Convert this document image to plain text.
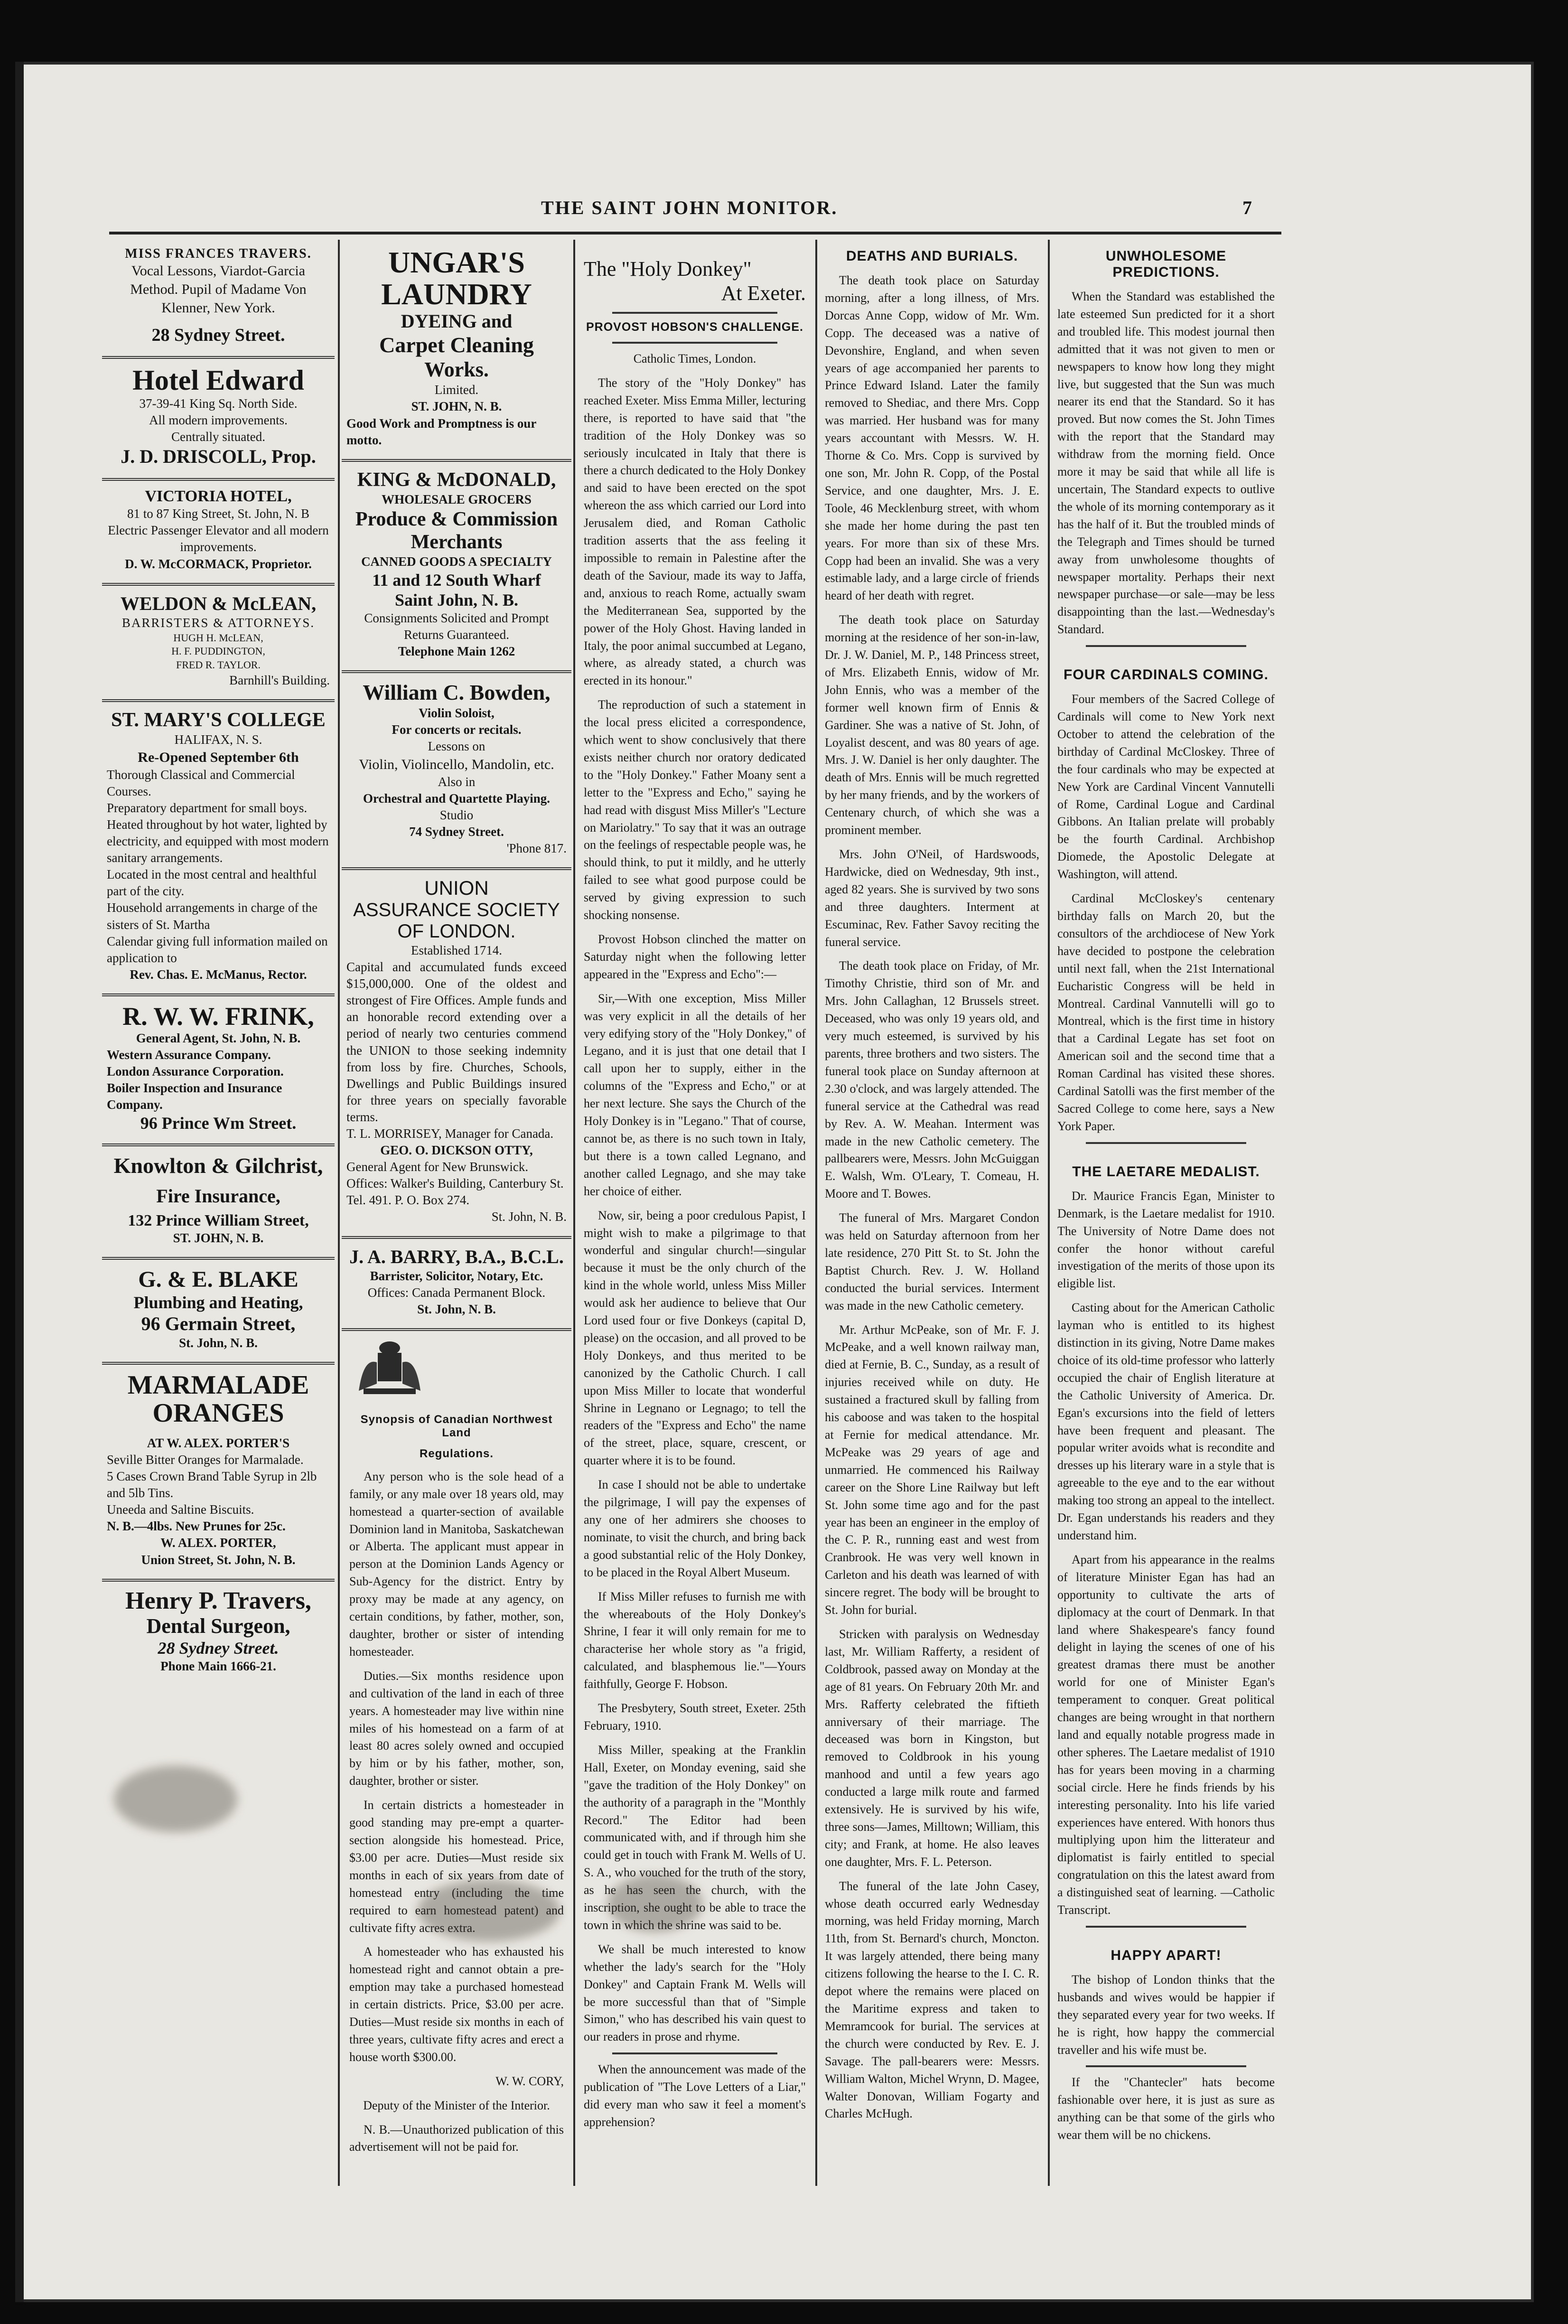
THE SAINT JOHN MONITOR.	7
MISS FRANCES TRAVERS.
Vocal Lessons, Viardot-Garcia Method. Pupil of Madame Von Klenner, New York.
28 Sydney Street.
Hotel Edward
37-39-41 King Sq. North Side.
All modern improvements.
Centrally situated.
J. D. DRISCOLL, Prop.
VICTORIA HOTEL,
81 to 87 King Street, St. John, N. B
Electric Passenger Elevator and all modern improvements.
D. W. McCORMACK, Proprietor.
WELDON & McLEAN,
BARRISTERS & ATTORNEYS.
HUGH H. McLEAN,
H. F. PUDDINGTON,
FRED R. TAYLOR.
Barnhill's Building.
ST. MARY'S COLLEGE
HALIFAX, N. S.
Re-Opened September 6th
Thorough Classical and Commercial Courses.
Preparatory department for small boys. Heated throughout by hot water, lighted by electricity, and equipped with most modern sanitary arrangements.
Located in the most central and healthful part of the city.
Household arrangements in charge of the sisters of St. Martha
Calendar giving full information mailed on application to
Rev. Chas. E. McManus, Rector.
R. W. W. FRINK,
General Agent, St. John, N. B.
Western Assurance Company.
London Assurance Corporation.
Boiler Inspection and Insurance Company.
96 Prince Wm Street.
Knowlton & Gilchrist,
Fire Insurance,
132 Prince William Street,
ST. JOHN, N. B.
G. & E. BLAKE
Plumbing and Heating,
96 Germain Street,
St. John, N. B.
MARMALADE ORANGES
AT W. ALEX. PORTER'S
Seville Bitter Oranges for Marmalade.
5 Cases Crown Brand Table Syrup in 2lb and 5lb Tins.
Uneeda and Saltine Biscuits.
N. B.—4lbs. New Prunes for 25c.
W. ALEX. PORTER,
Union Street, St. John, N. B.
Henry P. Travers,
Dental Surgeon,
28 Sydney Street.
Phone Main 1666-21.
UNGAR'S
LAUNDRY
DYEING and
Carpet Cleaning
Works.
Limited.
ST. JOHN, N. B.
Good Work and Promptness is our motto.
KING & McDONALD,
WHOLESALE GROCERS
Produce & Commission
Merchants
CANNED GOODS A SPECIALTY
11 and 12 South Wharf
Saint John, N. B.
Consignments Solicited and Prompt Returns Guaranteed.
Telephone Main 1262
William C. Bowden,
Violin Soloist,
For concerts or recitals.
Lessons on
Violin, Violincello, Mandolin, etc.
Also in
Orchestral and Quartette Playing.
Studio
74 Sydney Street.
'Phone 817.
UNION
ASSURANCE SOCIETY
OF LONDON.
Established 1714.
Capital and accumulated funds exceed $15,000,000. One of the oldest and strongest of Fire Offices. Ample funds and an honorable record extending over a period of nearly two centuries commend the UNION to those seeking indemnity from loss by fire. Churches, Schools, Dwellings and Public Buildings insured for three years on specially favorable terms.
T. L. MORRISEY, Manager for Canada.
GEO. O. DICKSON OTTY,
General Agent for New Brunswick. Offices: Walker's Building, Canterbury St. Tel. 491. P. O. Box 274.
St. John, N. B.
J. A. BARRY, B.A., B.C.L.
Barrister, Solicitor, Notary, Etc.
Offices: Canada Permanent Block.
St. John, N. B.
Synopsis of Canadian Northwest Land
Regulations.

Any person who is the sole head of a family, or any male over 18 years old, may homestead a quarter-section of available Dominion land in Manitoba, Saskatchewan or Alberta. The applicant must appear in person at the Dominion Lands Agency or Sub-Agency for the district. Entry by proxy may be made at any agency, on certain conditions, by father, mother, son, daughter, brother or sister of intending homesteader.

Duties.—Six months residence upon and cultivation of the land in each of three years. A homesteader may live within nine miles of his homestead on a farm of at least 80 acres solely owned and occupied by him or by his father, mother, son, daughter, brother or sister.

In certain districts a homesteader in good standing may pre-empt a quarter-section alongside his homestead. Price, $3.00 per acre. Duties—Must reside six months in each of six years from date of homestead entry (including the time required to earn homestead patent) and cultivate fifty acres extra.

A homesteader who has exhausted his homestead right and cannot obtain a pre-emption may take a purchased homestead in certain districts. Price, $3.00 per acre. Duties—Must reside six months in each of three years, cultivate fifty acres and erect a house worth $300.00.

W. W. CORY,

Deputy of the Minister of the Interior.

N. B.—Unauthorized publication of this advertisement will not be paid for.

The "Holy Donkey"
At Exeter.
PROVOST HOBSON'S CHALLENGE.

Catholic Times, London.

The story of the "Holy Donkey" has reached Exeter. Miss Emma Miller, lecturing there, is reported to have said that "the tradition of the Holy Donkey was so seriously inculcated in Italy that there is there a church dedicated to the Holy Donkey and said to have been erected on the spot whereon the ass which carried our Lord into Jerusalem died, and Roman Catholic tradition asserts that the ass feeling it impossible to remain in Palestine after the death of the Saviour, made its way to Jaffa, and, anxious to reach Rome, actually swam the Mediterranean Sea, supported by the power of the Holy Ghost. Having landed in Italy, the poor animal succumbed at Legano, where, as already stated, a church was erected in its honour."

The reproduction of such a statement in the local press elicited a correspondence, which went to show conclusively that there exists neither church nor oratory dedicated to the "Holy Donkey." Father Moany sent a letter to the "Express and Echo," saying he had read with disgust Miss Miller's "Lecture on Mariolatry." To say that it was an outrage on the feelings of respectable people was, he should think, to put it mildly, and he utterly failed to see what good purpose could be served by giving expression to such shocking nonsense.

Provost Hobson clinched the matter on Saturday night when the following letter appeared in the "Express and Echo":—

Sir,—With one exception, Miss Miller was very explicit in all the details of her very edifying story of the "Holy Donkey," of Legano, and it is just that one detail that I call upon her to supply, either in the columns of the "Express and Echo," or at her next lecture. She says the Church of the Holy Donkey is in "Legano." That of course, cannot be, as there is no such town in Italy, but there is a town called Legnano, and another called Legnago, and she may take her choice of either.

Now, sir, being a poor credulous Papist, I might wish to make a pilgrimage to that wonderful and singular church!—singular because it must be the only church of the kind in the whole world, unless Miss Miller would ask her audience to believe that Our Lord used four or five Donkeys (capital D, please) on the occasion, and all proved to be Holy Donkeys, and thus merited to be canonized by the Catholic Church. I call upon Miss Miller to locate that wonderful Shrine in Legnano or Legnago; to tell the readers of the "Express and Echo" the name of the street, place, square, crescent, or quarter where it is to be found.

In case I should not be able to undertake the pilgrimage, I will pay the expenses of any one of her admirers she chooses to nominate, to visit the church, and bring back a good substantial relic of the Holy Donkey, to be placed in the Royal Albert Museum.

If Miss Miller refuses to furnish me with the whereabouts of the Holy Donkey's Shrine, I fear it will only remain for me to characterise her whole story as "a frigid, calculated, and blasphemous lie."—Yours faithfully, George F. Hobson.

The Presbytery, South street, Exeter. 25th February, 1910.

Miss Miller, speaking at the Franklin Hall, Exeter, on Monday evening, said she "gave the tradition of the Holy Donkey" on the authority of a paragraph in the "Monthly Record." The Editor had been communicated with, and if through him she could get in touch with Frank M. Wells of U. S. A., who vouched for the truth of the story, as he has seen the church, with the inscription, she ought to be able to trace the town in which the shrine was said to be.

We shall be much interested to know whether the lady's search for the "Holy Donkey" and Captain Frank M. Wells will be more successful than that of "Simple Simon," who has described his vain quest to our readers in prose and rhyme.

When the announcement was made of the publication of "The Love Letters of a Liar," did every man who saw it feel a moment's apprehension?

DEATHS AND BURIALS.

The death took place on Saturday morning, after a long illness, of Mrs. Dorcas Anne Copp, widow of Mr. Wm. Copp. The deceased was a native of Devonshire, England, and when seven years of age accompanied her parents to Prince Edward Island. Later the family removed to Shediac, and there Mrs. Copp was married. Her husband was for many years accountant with Messrs. W. H. Thorne & Co. Mrs. Copp is survived by one son, Mr. John R. Copp, of the Postal Service, and one daughter, Mrs. J. E. Toole, 46 Mecklenburg street, with whom she made her home during the past ten years. For more than six of these Mrs. Copp had been an invalid. She was a very estimable lady, and a large circle of friends heard of her death with regret.

The death took place on Saturday morning at the residence of her son-in-law, Dr. J. W. Daniel, M. P., 148 Princess street, of Mrs. Elizabeth Ennis, widow of Mr. John Ennis, who was a member of the former well known firm of Ennis & Gardiner. She was a native of St. John, of Loyalist descent, and was 80 years of age. Mrs. J. W. Daniel is her only daughter. The death of Mrs. Ennis will be much regretted by her many friends, and by the workers of Centenary church, of which she was a prominent member.

Mrs. John O'Neil, of Hardswoods, Hardwicke, died on Wednesday, 9th inst., aged 82 years. She is survived by two sons and three daughters. Interment at Escuminac, Rev. Father Savoy reciting the funeral service.

The death took place on Friday, of Mr. Timothy Christie, third son of Mr. and Mrs. John Callaghan, 12 Brussels street. Deceased, who was only 19 years old, and very much esteemed, is survived by his parents, three brothers and two sisters. The funeral took place on Sunday afternoon at 2.30 o'clock, and was largely attended. The funeral service at the Cathedral was read by Rev. A. W. Meahan. Interment was made in the new Catholic cemetery. The pallbearers were, Messrs. John McGuiggan E. Walsh, Wm. O'Leary, T. Comeau, H. Moore and T. Bowes.

The funeral of Mrs. Margaret Condon was held on Saturday afternoon from her late residence, 270 Pitt St. to St. John the Baptist Church. Rev. J. W. Holland conducted the burial services. Interment was made in the new Catholic cemetery.

Mr. Arthur McPeake, son of Mr. F. J. McPeake, and a well known railway man, died at Fernie, B. C., Sunday, as a result of injuries received while on duty. He sustained a fractured skull by falling from his caboose and was taken to the hospital at Fernie for medical attendance. Mr. McPeake was 29 years of age and unmarried. He commenced his Railway career on the Shore Line Railway but left St. John some time ago and for the past year has been an engineer in the employ of the C. P. R., running east and west from Cranbrook. He was very well known in Carleton and his death was learned of with sincere regret. The body will be brought to St. John for burial.

Stricken with paralysis on Wednesday last, Mr. William Rafferty, a resident of Coldbrook, passed away on Monday at the age of 81 years. On February 20th Mr. and Mrs. Rafferty celebrated the fiftieth anniversary of their marriage. The deceased was born in Kingston, but removed to Coldbrook in his young manhood and until a few years ago conducted a large milk route and farmed extensively. He is survived by his wife, three sons—James, Milltown; William, this city; and Frank, at home. He also leaves one daughter, Mrs. F. L. Peterson.

The funeral of the late John Casey, whose death occurred early Wednesday morning, was held Friday morning, March 11th, from St. Bernard's church, Moncton. It was largely attended, there being many citizens following the hearse to the I. C. R. depot where the remains were placed on the Maritime express and taken to Memramcook for burial. The services at the church were conducted by Rev. E. J. Savage. The pall-bearers were: Messrs. William Walton, Michel Wrynn, D. Magee, Walter Donovan, William Fogarty and Charles McHugh.

UNWHOLESOME PREDICTIONS.

When the Standard was established the late esteemed Sun predicted for it a short and troubled life. This modest journal then admitted that it was not given to men or newspapers to know how long they might live, but suggested that the Sun was much nearer its end that the Standard. So it has proved. But now comes the St. John Times with the report that the Standard may withdraw from the morning field. Once more it may be said that while all life is uncertain, The Standard expects to outlive the whole of its morning contemporary as it has the half of it. But the troubled minds of the Telegraph and Times should be turned away from unwholesome thoughts of newspaper mortality. Perhaps their next newspaper purchase—or sale—may be less disappointing than the last.—Wednesday's Standard.

FOUR CARDINALS COMING.

Four members of the Sacred College of Cardinals will come to New York next October to attend the celebration of the birthday of Cardinal McCloskey. Three of the four cardinals who may be expected at New York are Cardinal Vincent Vannutelli of Rome, Cardinal Logue and Cardinal Gibbons. An Italian prelate will probably be the fourth Cardinal. Archbishop Diomede, the Apostolic Delegate at Washington, will attend.

Cardinal McCloskey's centenary birthday falls on March 20, but the consultors of the archdiocese of New York have decided to postpone the celebration until next fall, when the 21st International Eucharistic Congress will be held in Montreal. Cardinal Vannutelli will go to Montreal, which is the first time in history that a Cardinal Legate has set foot on American soil and the second time that a Roman Cardinal has visited these shores. Cardinal Satolli was the first member of the Sacred College to come here, says a New York Paper.

THE LAETARE MEDALIST.

Dr. Maurice Francis Egan, Minister to Denmark, is the Laetare medalist for 1910. The University of Notre Dame does not confer the honor without careful investigation of the merits of those upon its eligible list.

Casting about for the American Catholic layman who is entitled to its highest distinction in its giving, Notre Dame makes choice of its old-time professor who latterly occupied the chair of English literature at the Catholic University of America. Dr. Egan's excursions into the field of letters have been frequent and pleasant. The popular writer avoids what is recondite and dresses up his literary ware in a style that is agreeable to the eye and to the ear without making too strong an appeal to the intellect. Dr. Egan understands his readers and they understand him.

Apart from his appearance in the realms of literature Minister Egan has had an opportunity to cultivate the arts of diplomacy at the court of Denmark. In that land where Shakespeare's fancy found delight in laying the scenes of one of his greatest dramas there must be another world for one of Minister Egan's temperament to conquer. Great political changes are being wrought in that northern land and equally notable progress made in other spheres. The Laetare medalist of 1910 has for years been moving in a charming social circle. Here he finds friends by his interesting personality. Into his life varied experiences have entered. With honors thus multiplying upon him the litterateur and diplomatist is fairly entitled to special congratulation on this the latest award from a distinguished seat of learning. —Catholic Transcript.

HAPPY APART!

The bishop of London thinks that the husbands and wives would be happier if they separated every year for two weeks. If he is right, how happy the commercial traveller and his wife must be.

If the "Chantecler" hats become fashionable over here, it is just as sure as anything can be that some of the girls who wear them will be no chickens.
